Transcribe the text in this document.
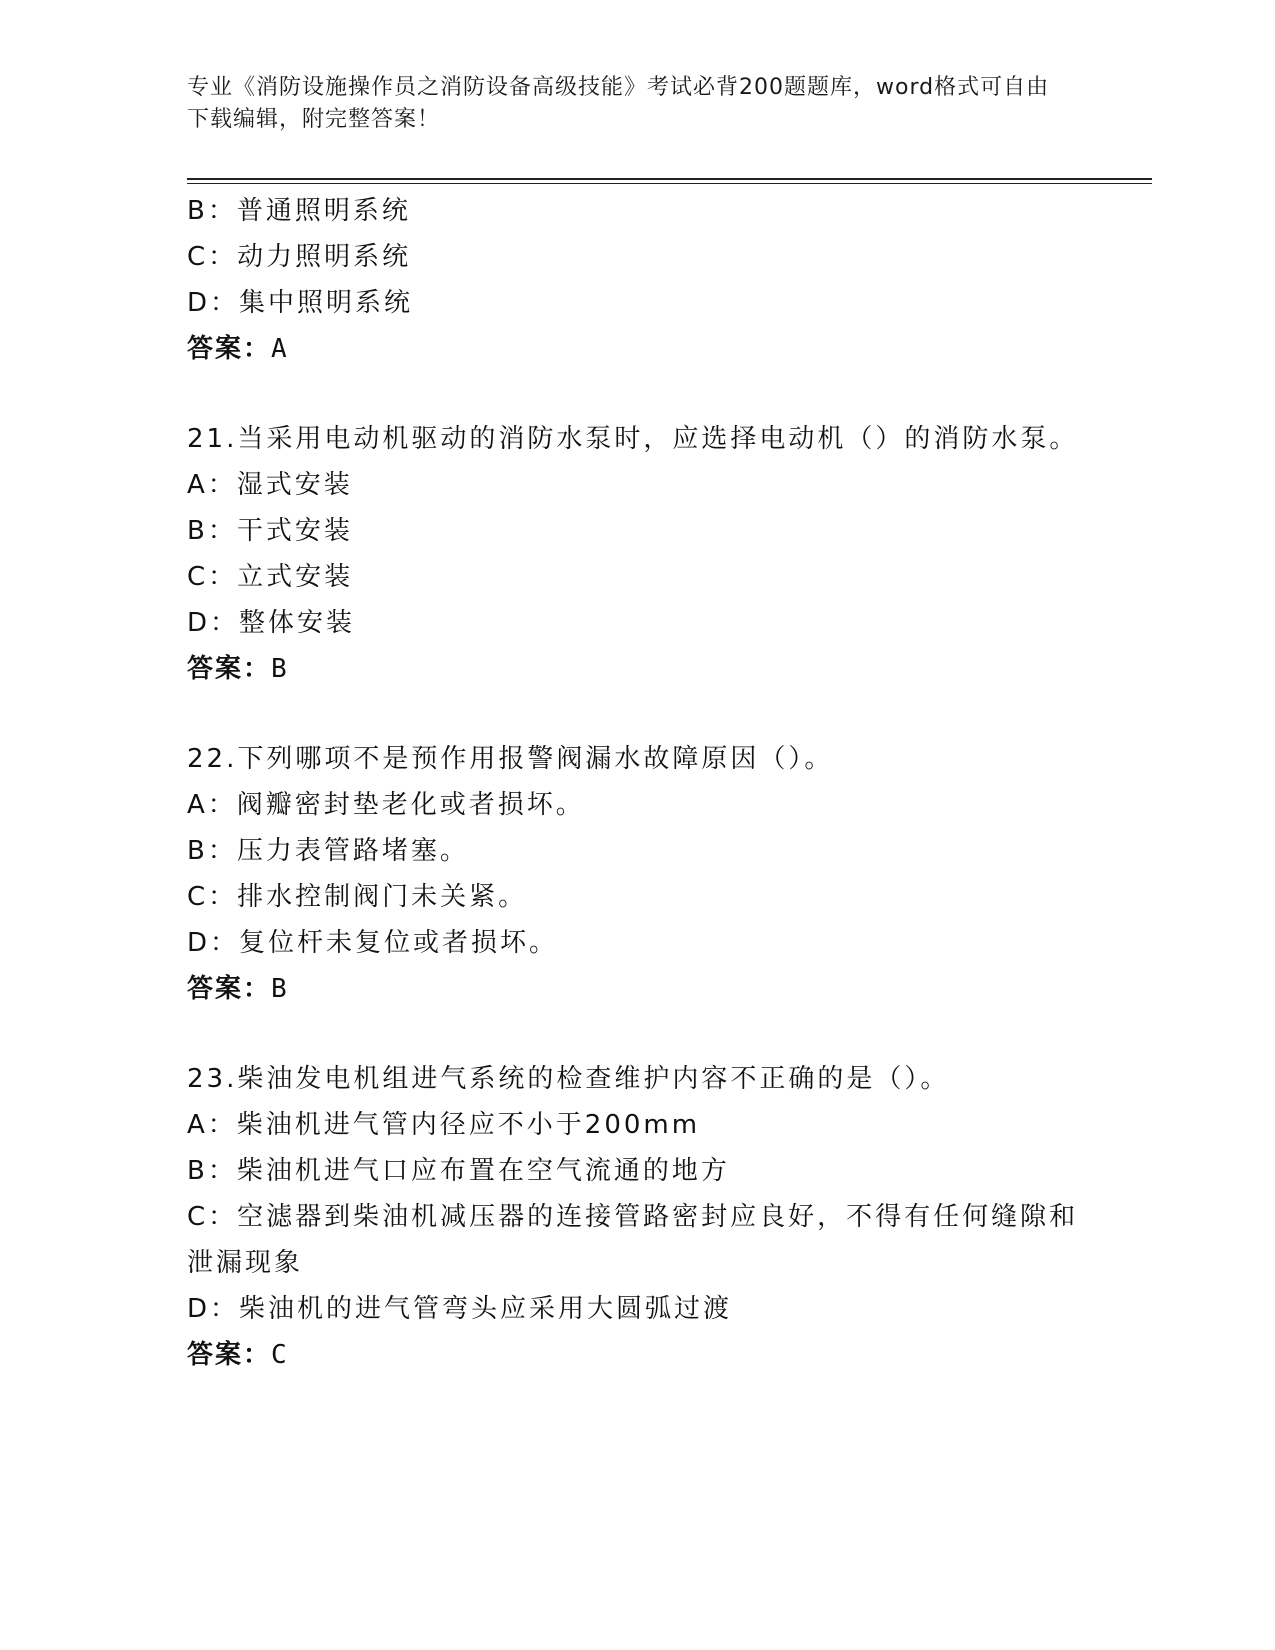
专业《消防设施操作员之消防设备高级技能》考试必背200题题库，word格式可自由下载编辑，附完整答案！
B：普通照明系统
C：动力照明系统
D：集中照明系统
答案：A
21.当采用电动机驱动的消防水泵时，应选择电动机（）的消防水泵。
A：湿式安装
B：干式安装
C：立式安装
D：整体安装
答案：B
22.下列哪项不是预作用报警阀漏水故障原因（）。
A：阀瓣密封垫老化或者损坏。
B：压力表管路堵塞。
C：排水控制阀门未关紧。
D：复位杆未复位或者损坏。
答案：B
23.柴油发电机组进气系统的检查维护内容不正确的是（）。
A：柴油机进气管内径应不小于200mm
B：柴油机进气口应布置在空气流通的地方
C：空滤器到柴油机减压器的连接管路密封应良好，不得有任何缝隙和泄漏现象
D：柴油机的进气管弯头应采用大圆弧过渡
答案：C
